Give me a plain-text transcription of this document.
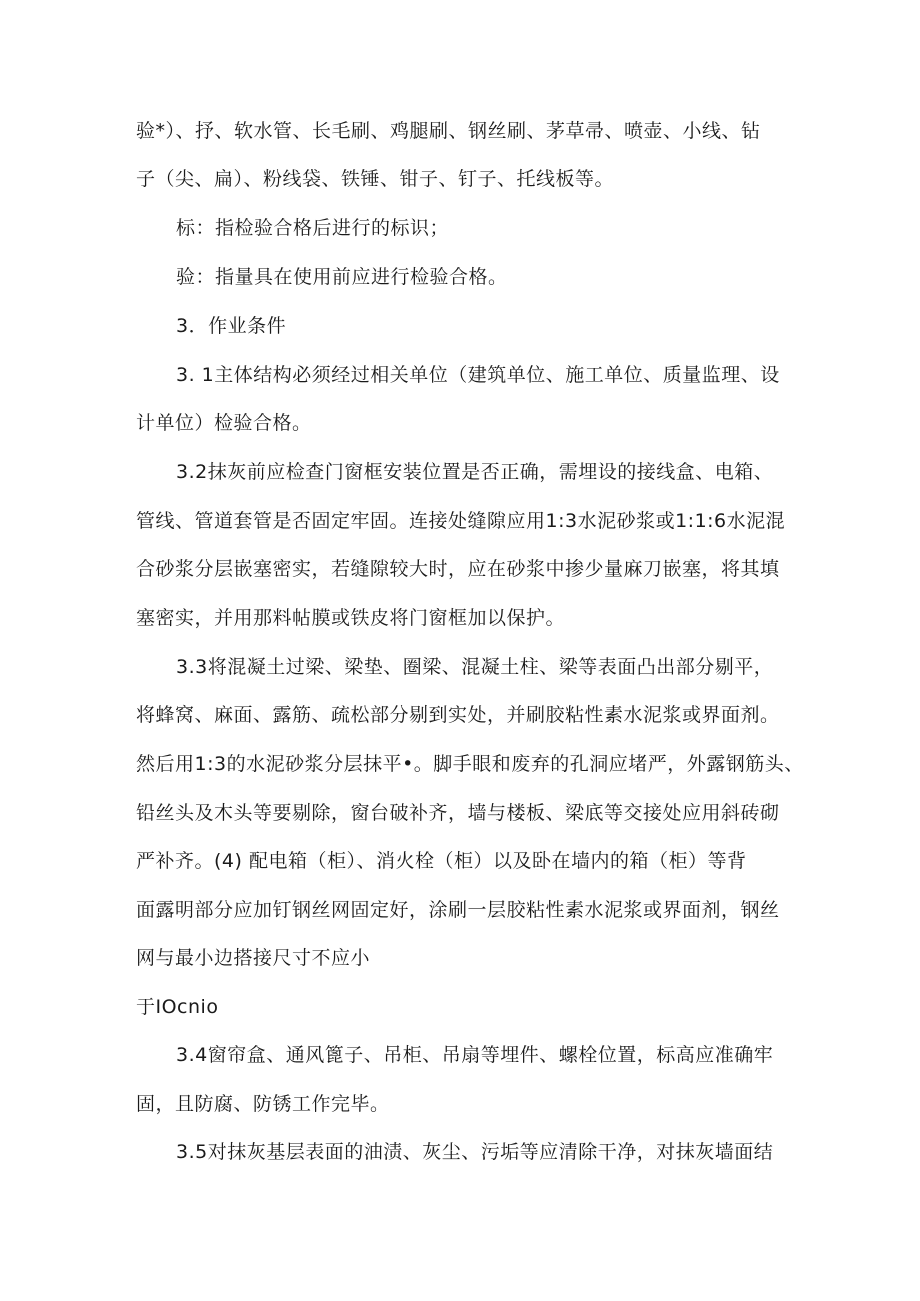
验*）、抒、软水管、长毛刷、鸡腿刷、钢丝刷、茅草帚、喷壶、小线、钻
子（尖、扁）、粉线袋、铁锤、钳子、钉子、托线板等。
标：指检验合格后进行的标识；
验：指量具在使用前应进行检验合格。
3．作业条件
3. 1主体结构必须经过相关单位（建筑单位、施工单位、质量监理、设
计单位）检验合格。
3.2抹灰前应检查门窗框安装位置是否正确，需埋设的接线盒、电箱、
管线、管道套管是否固定牢固。连接处缝隙应用1:3水泥砂浆或1:1:6水泥混
合砂浆分层嵌塞密实，若缝隙较大时，应在砂浆中掺少量麻刀嵌塞，将其填
塞密实，并用那料帖膜或铁皮将门窗框加以保护。
3.3将混凝土过梁、梁垫、圈梁、混凝土柱、梁等表面凸出部分剔平，
将蜂窝、麻面、露筋、疏松部分剔到实处，并刷胶粘性素水泥浆或界面剂。
然后用1:3的水泥砂浆分层抹平•。脚手眼和废弃的孔洞应堵严，外露钢筋头、
铅丝头及木头等要剔除，窗台破补齐，墙与楼板、梁底等交接处应用斜砖砌
严补齐。(4) 配电箱（柜）、消火栓（柜）以及卧在墙内的箱（柜）等背
面露明部分应加钉钢丝网固定好，涂刷一层胶粘性素水泥浆或界面剂，钢丝
网与最小边搭接尺寸不应小
于IOcnio
3.4窗帘盒、通风篦子、吊柜、吊扇等埋件、螺栓位置，标高应准确牢
固，且防腐、防锈工作完毕。
3.5对抹灰基层表面的油渍、灰尘、污垢等应清除干净，对抹灰墙面结
